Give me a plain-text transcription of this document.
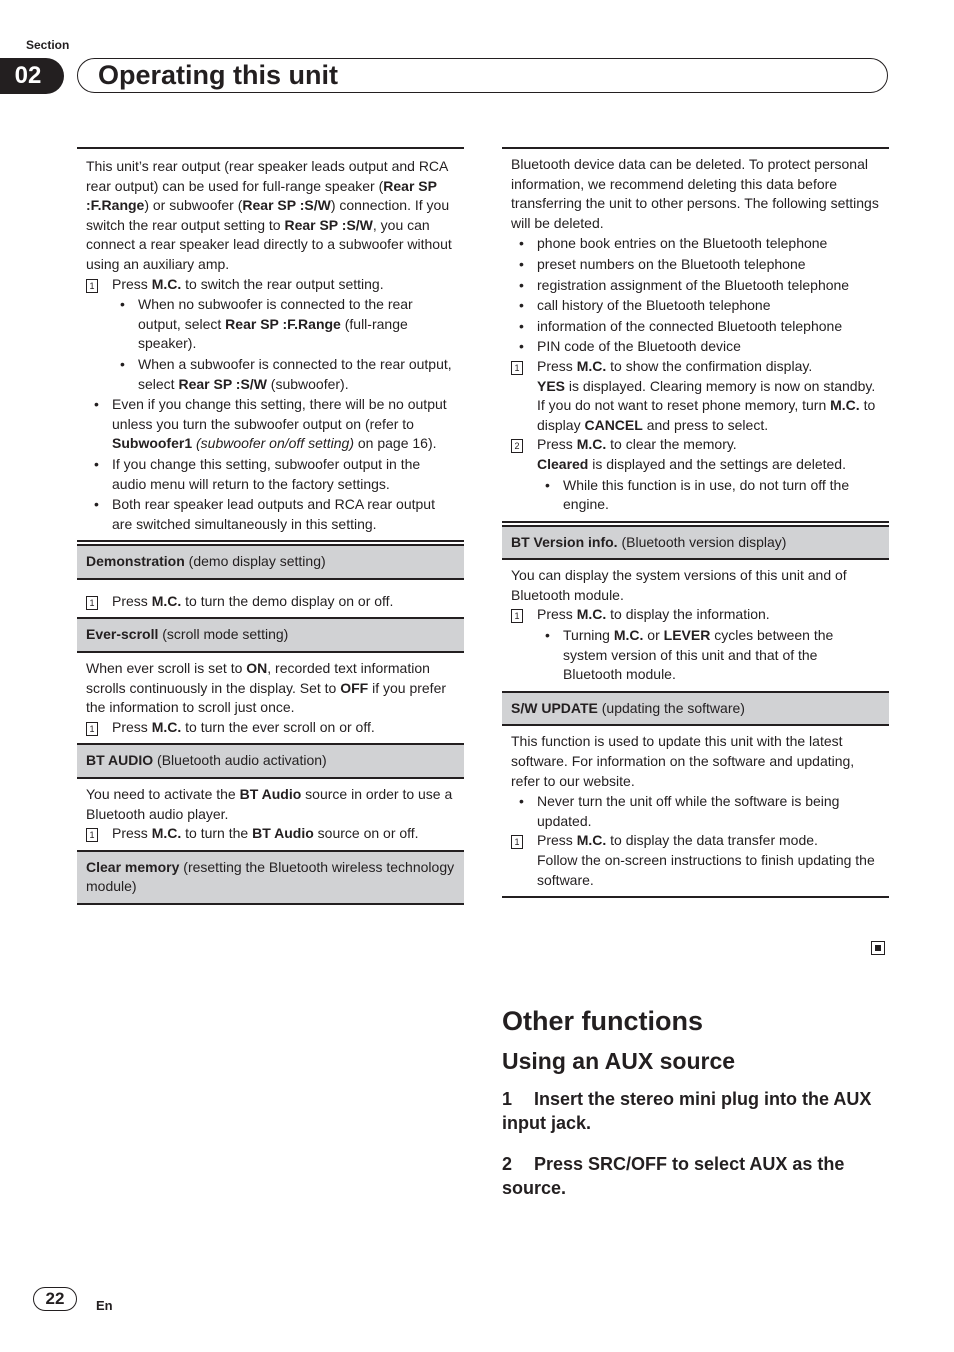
Section
02	Operating this unit

This unit’s rear output (rear speaker leads output and RCA rear output) can be used for full-range speaker (Rear SP :F.Range) or subwoofer (Rear SP :S/W) connection. If you switch the rear output setting to Rear SP :S/W, you can connect a rear speaker lead directly to a subwoofer without using an auxiliary amp.

1	Press M.C. to switch the rear output setting.
• When no subwoofer is connected to the rear output, select Rear SP :F.Range (full-range speaker).
• When a subwoofer is connected to the rear output, select Rear SP :S/W (subwoofer).
• Even if you change this setting, there will be no output unless you turn the subwoofer output on (refer to Subwoofer1 (subwoofer on/off setting) on page 16).
• If you change this setting, subwoofer output in the audio menu will return to the factory settings.
• Both rear speaker lead outputs and RCA rear output are switched simultaneously in this setting.
Demonstration (demo display setting)
1	Press M.C. to turn the demo display on or off.
Ever-scroll (scroll mode setting)

When ever scroll is set to ON, recorded text information scrolls continuously in the display. Set to OFF if you prefer the information to scroll just once.

1	Press M.C. to turn the ever scroll on or off.
BT AUDIO (Bluetooth audio activation)

You need to activate the BT Audio source in order to use a Bluetooth audio player.

1	Press M.C. to turn the BT Audio source on or off.
Clear memory (resetting the Bluetooth wireless technology module)

Bluetooth device data can be deleted. To protect personal information, we recommend deleting this data before transferring the unit to other persons. The following settings will be deleted.

• phone book entries on the Bluetooth telephone
• preset numbers on the Bluetooth telephone
• registration assignment of the Bluetooth telephone
• call history of the Bluetooth telephone
• information of the connected Bluetooth telephone
• PIN code of the Bluetooth device
1	Press M.C. to show the confirmation display.
YES is displayed. Clearing memory is now on standby.
If you do not want to reset phone memory, turn M.C. to display CANCEL and press to select.
2	Press M.C. to clear the memory.
Cleared is displayed and the settings are deleted.
• While this function is in use, do not turn off the engine.
BT Version info. (Bluetooth version display)

You can display the system versions of this unit and of Bluetooth module.

1	Press M.C. to display the information.
• Turning M.C. or LEVER cycles between the system version of this unit and that of the Bluetooth module.
S/W UPDATE (updating the software)

This function is used to update this unit with the latest software. For information on the software and updating, refer to our website.

• Never turn the unit off while the software is being updated.
1	Press M.C. to display the data transfer mode.
Follow the on-screen instructions to finish updating the software.
Other functions
Using an AUX source
1 Insert the stereo mini plug into the AUX input jack.
2 Press SRC/OFF to select AUX as the source.
22	En
